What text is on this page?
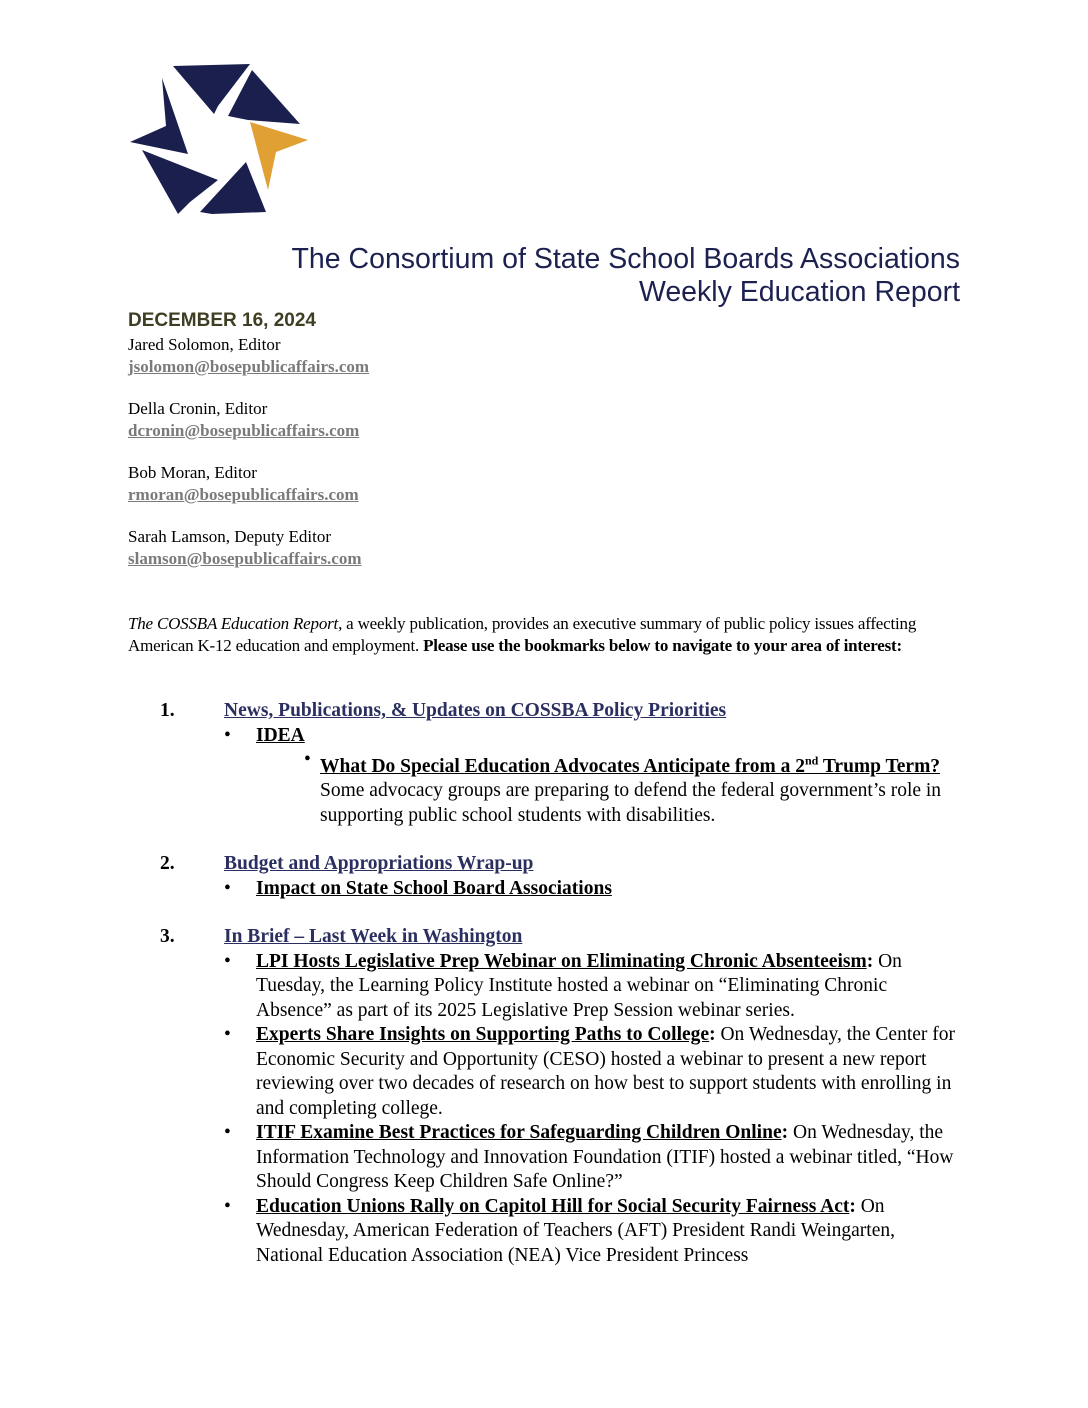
The Consortium of State School Boards Associations
Weekly Education Report
DECEMBER 16, 2024
Jared Solomon, Editor
jsolomon@bosepublicaffairs.com
Della Cronin, Editor
dcronin@bosepublicaffairs.com
Bob Moran, Editor
rmoran@bosepublicaffairs.com
Sarah Lamson, Deputy Editor
slamson@bosepublicaffairs.com
The COSSBA Education Report, a weekly publication, provides an executive summary of public policy issues affecting American K-12 education and employment. Please use the bookmarks below to navigate to your area of interest:
1.	News, Publications, & Updates on COSSBA Policy Priorities
• IDEA
• What Do Special Education Advocates Anticipate from a 2nd Trump Term? Some advocacy groups are preparing to defend the federal government’s role in supporting public school students with disabilities.
2.	Budget and Appropriations Wrap-up
• Impact on State School Board Associations
3.	In Brief – Last Week in Washington
• LPI Hosts Legislative Prep Webinar on Eliminating Chronic Absenteeism: On Tuesday, the Learning Policy Institute hosted a webinar on “Eliminating Chronic Absence” as part of its 2025 Legislative Prep Session webinar series.
• Experts Share Insights on Supporting Paths to College: On Wednesday, the Center for Economic Security and Opportunity (CESO) hosted a webinar to present a new report reviewing over two decades of research on how best to support students with enrolling in and completing college.
• ITIF Examine Best Practices for Safeguarding Children Online: On Wednesday, the Information Technology and Innovation Foundation (ITIF) hosted a webinar titled, “How Should Congress Keep Children Safe Online?”
• Education Unions Rally on Capitol Hill for Social Security Fairness Act: On Wednesday, American Federation of Teachers (AFT) President Randi Weingarten, National Education Association (NEA) Vice President Princess
